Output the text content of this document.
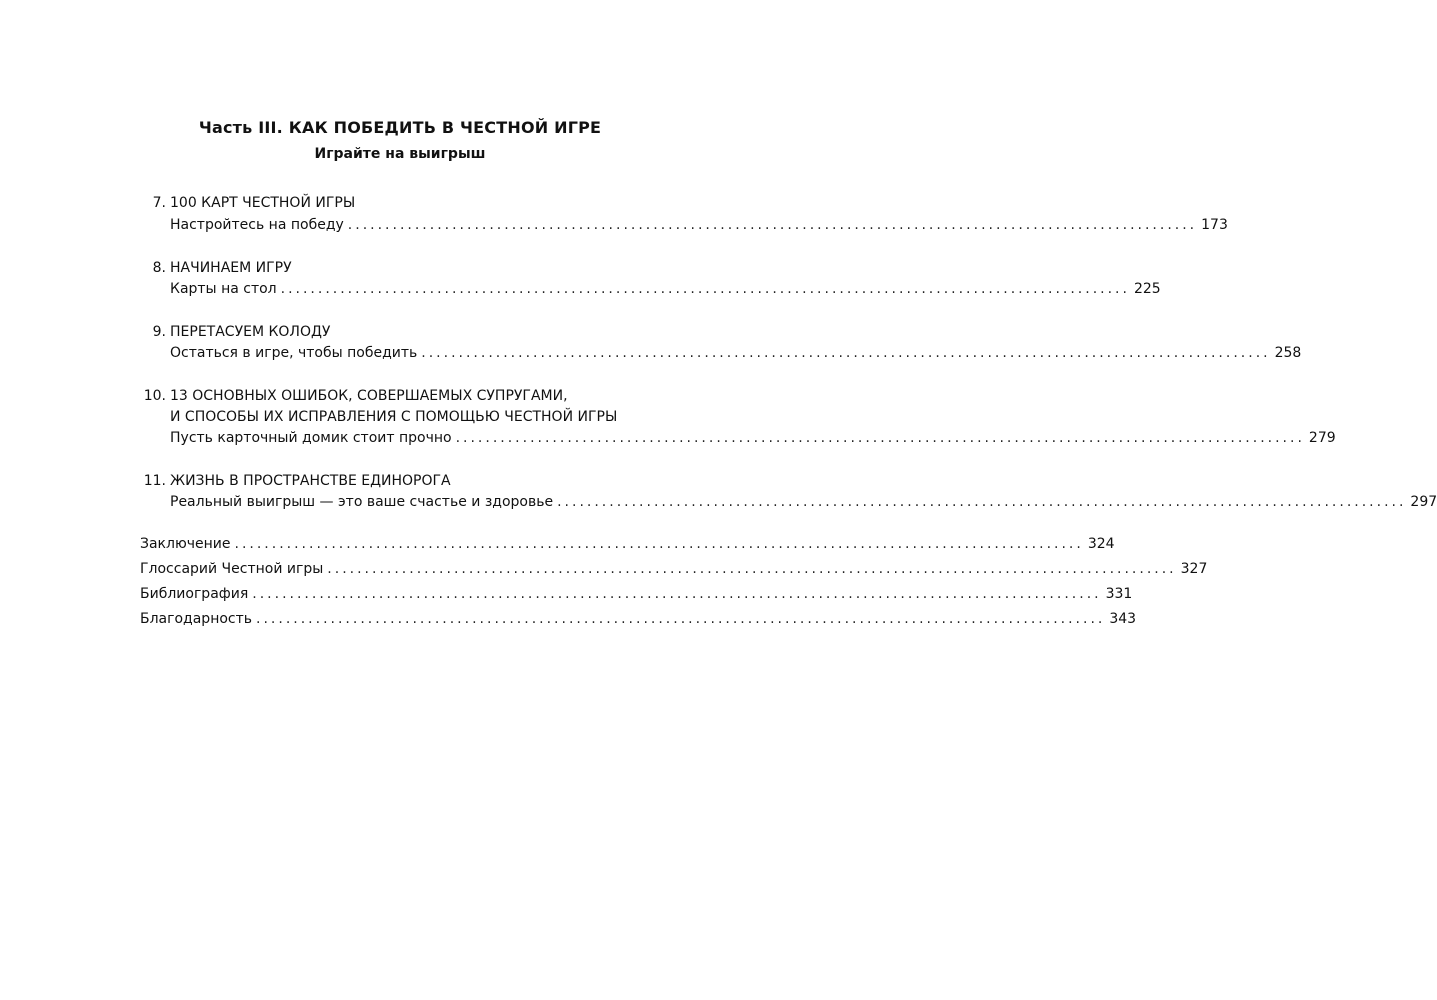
Часть III. КАК ПОБЕДИТЬ В ЧЕСТНОЙ ИГРЕ
Играйте на выигрыш
7. 100 КАРТ ЧЕСТНОЙ ИГРЫ
Настройтесь на победу .................................................................................................................. 173
8. НАЧИНАЕМ ИГРУ
Карты на стол .................................................................................................................. 225
9. ПЕРЕТАСУЕМ КОЛОДУ
Остаться в игре, чтобы победить .................................................................................................................. 258
10. 13 ОСНОВНЫХ ОШИБОК, СОВЕРШАЕМЫХ СУПРУГАМИ,
И СПОСОБЫ ИХ ИСПРАВЛЕНИЯ С ПОМОЩЬЮ ЧЕСТНОЙ ИГРЫ
Пусть карточный домик стоит прочно .................................................................................................................. 279
11. ЖИЗНЬ В ПРОСТРАНСТВЕ ЕДИНОРОГА
Реальный выигрыш — это ваше счастье и здоровье .................................................................................................................. 297
Заключение .................................................................................................................. 324
Глоссарий Честной игры .................................................................................................................. 327
Библиография .................................................................................................................. 331
Благодарность .................................................................................................................. 343
